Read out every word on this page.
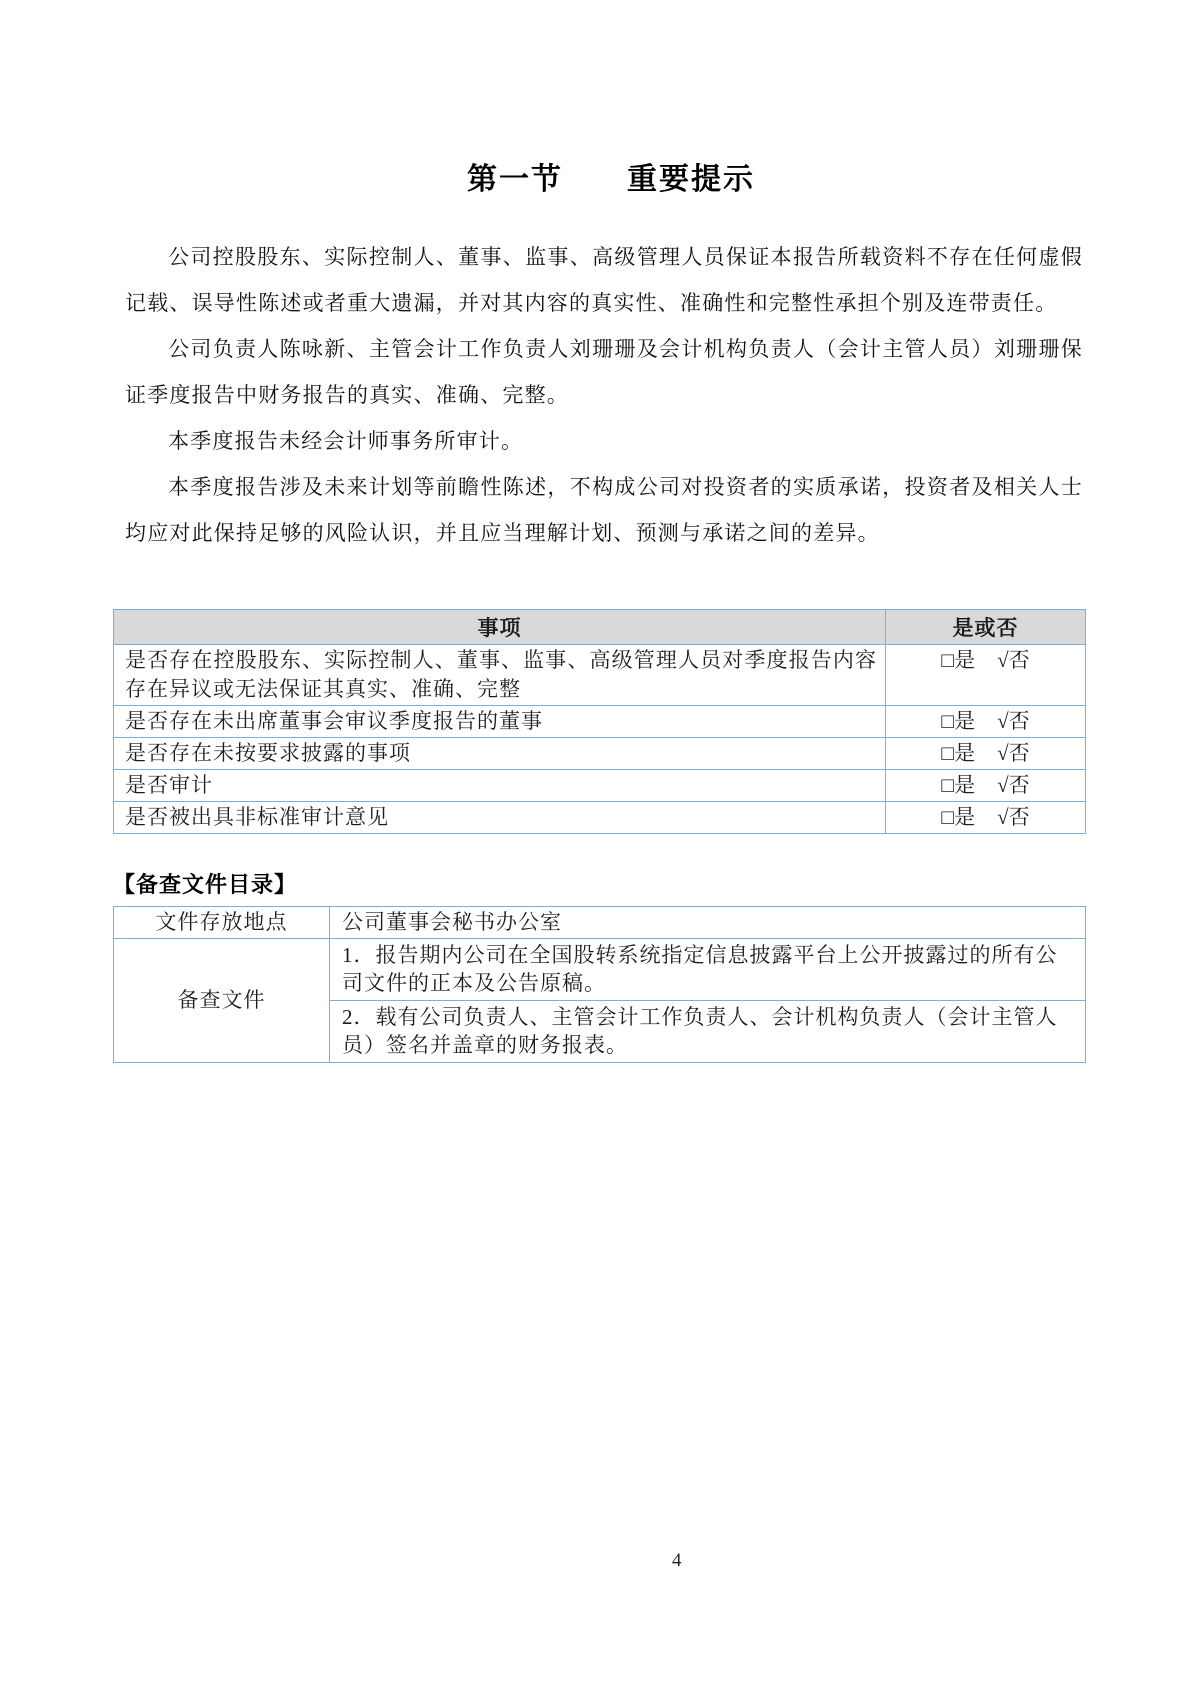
第一节　　重要提示

公司控股股东、实际控制人、董事、监事、高级管理人员保证本报告所载资料不存在任何虚假记载、误导性陈述或者重大遗漏，并对其内容的真实性、准确性和完整性承担个别及连带责任。

公司负责人陈咏新、主管会计工作负责人刘珊珊及会计机构负责人（会计主管人员）刘珊珊保证季度报告中财务报告的真实、准确、完整。

本季度报告未经会计师事务所审计。

本季度报告涉及未来计划等前瞻性陈述，不构成公司对投资者的实质承诺，投资者及相关人士均应对此保持足够的风险认识，并且应当理解计划、预测与承诺之间的差异。

事项	是或否
是否存在控股股东、实际控制人、董事、监事、高级管理人员对季度报告内容存在异议或无法保证其真实、准确、完整	□是 √否
是否存在未出席董事会审议季度报告的董事	□是 √否
是否存在未按要求披露的事项	□是 √否
是否审计	□是 √否
是否被出具非标准审计意见	□是 √否
【备查文件目录】
文件存放地点	公司董事会秘书办公室
备查文件	1．报告期内公司在全国股转系统指定信息披露平台上公开披露过的所有公司文件的正本及公告原稿。
	2．载有公司负责人、主管会计工作负责人、会计机构负责人（会计主管人员）签名并盖章的财务报表。
4
